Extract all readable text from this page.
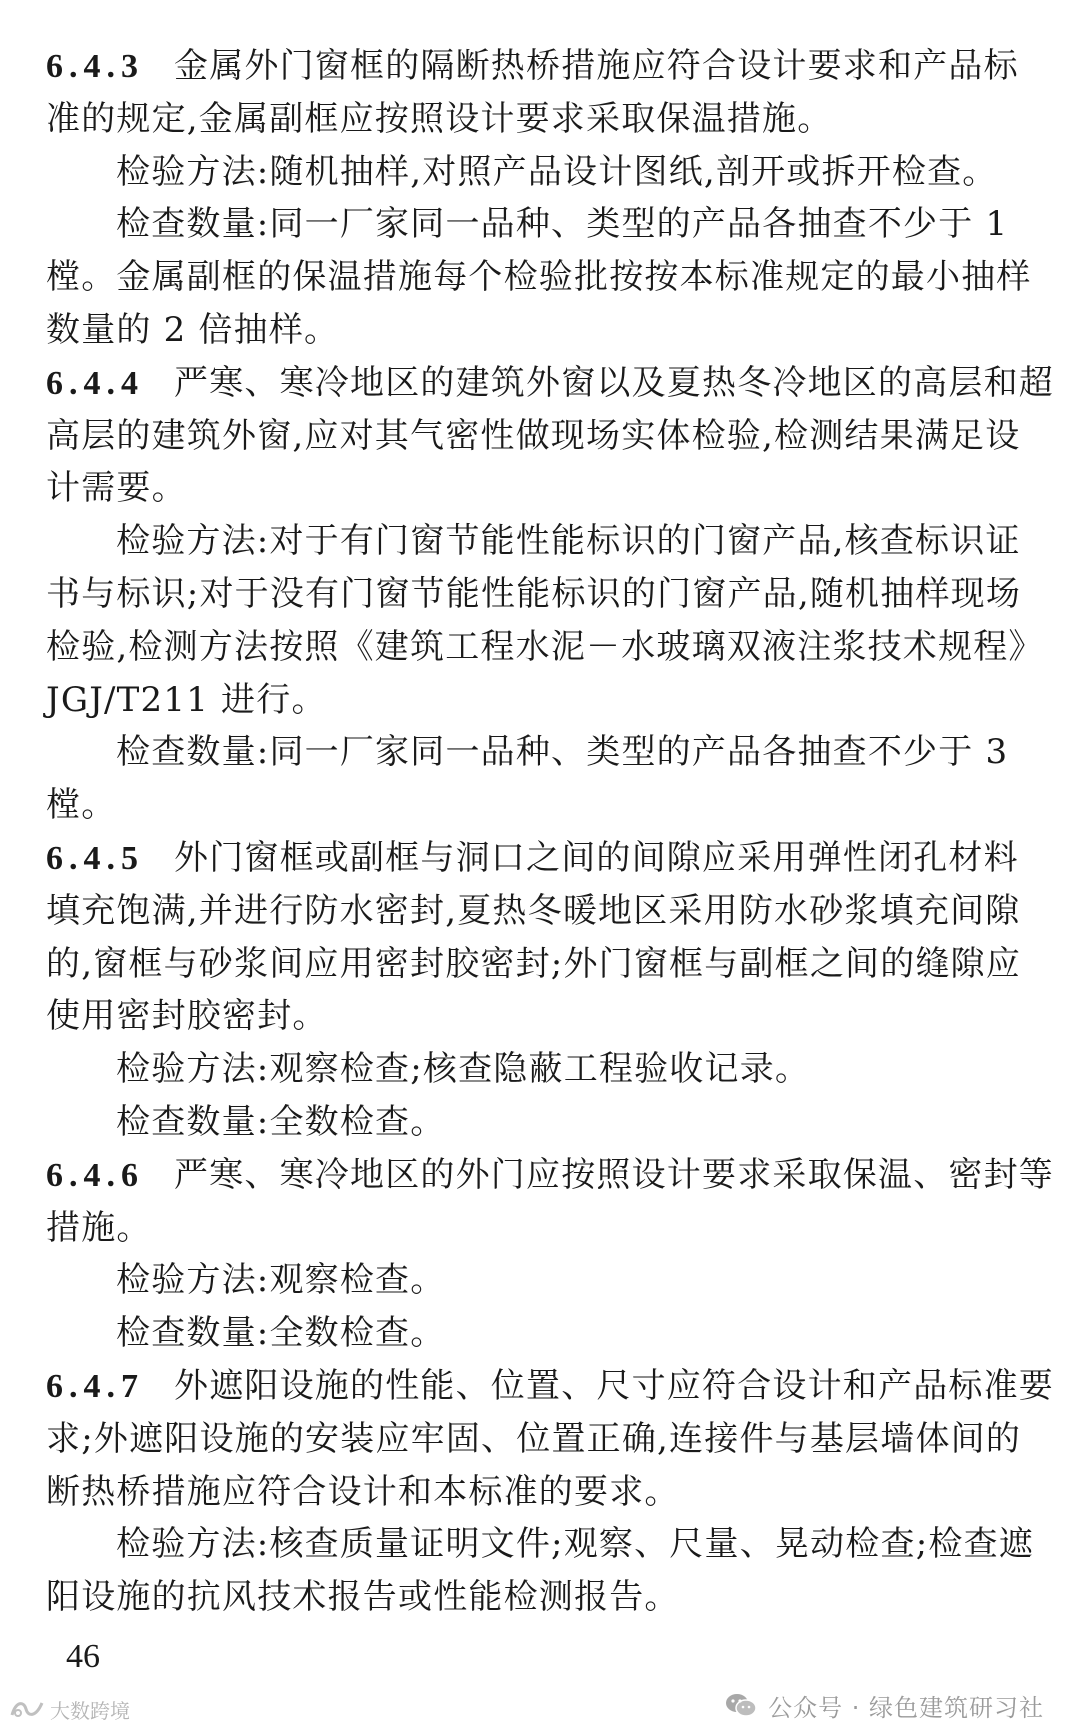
6.4.3 金属外门窗框的隔断热桥措施应符合设计要求和产品标
准的规定,金属副框应按照设计要求采取保温措施。
检验方法:随机抽样,对照产品设计图纸,剖开或拆开检查。
检查数量:同一厂家同一品种、类型的产品各抽查不少于 1
樘。金属副框的保温措施每个检验批按按本标准规定的最小抽样
数量的 2 倍抽样。
6.4.4 严寒、寒冷地区的建筑外窗以及夏热冬冷地区的高层和超
高层的建筑外窗,应对其气密性做现场实体检验,检测结果满足设
计需要。
检验方法:对于有门窗节能性能标识的门窗产品,核查标识证
书与标识;对于没有门窗节能性能标识的门窗产品,随机抽样现场
检验,检测方法按照《建筑工程水泥－水玻璃双液注浆技术规程》
JGJ/T211 进行。
检查数量:同一厂家同一品种、类型的产品各抽查不少于 3
樘。
6.4.5 外门窗框或副框与洞口之间的间隙应采用弹性闭孔材料
填充饱满,并进行防水密封,夏热冬暖地区采用防水砂浆填充间隙
的,窗框与砂浆间应用密封胶密封;外门窗框与副框之间的缝隙应
使用密封胶密封。
检验方法:观察检查;核查隐蔽工程验收记录。
检查数量:全数检查。
6.4.6 严寒、寒冷地区的外门应按照设计要求采取保温、密封等
措施。
检验方法:观察检查。
检查数量:全数检查。
6.4.7 外遮阳设施的性能、位置、尺寸应符合设计和产品标准要
求;外遮阳设施的安装应牢固、位置正确,连接件与基层墙体间的
断热桥措施应符合设计和本标准的要求。
检验方法:核查质量证明文件;观察、尺量、晃动检查;检查遮
阳设施的抗风技术报告或性能检测报告。
46
大数跨境	公众号 · 绿色建筑研习社
